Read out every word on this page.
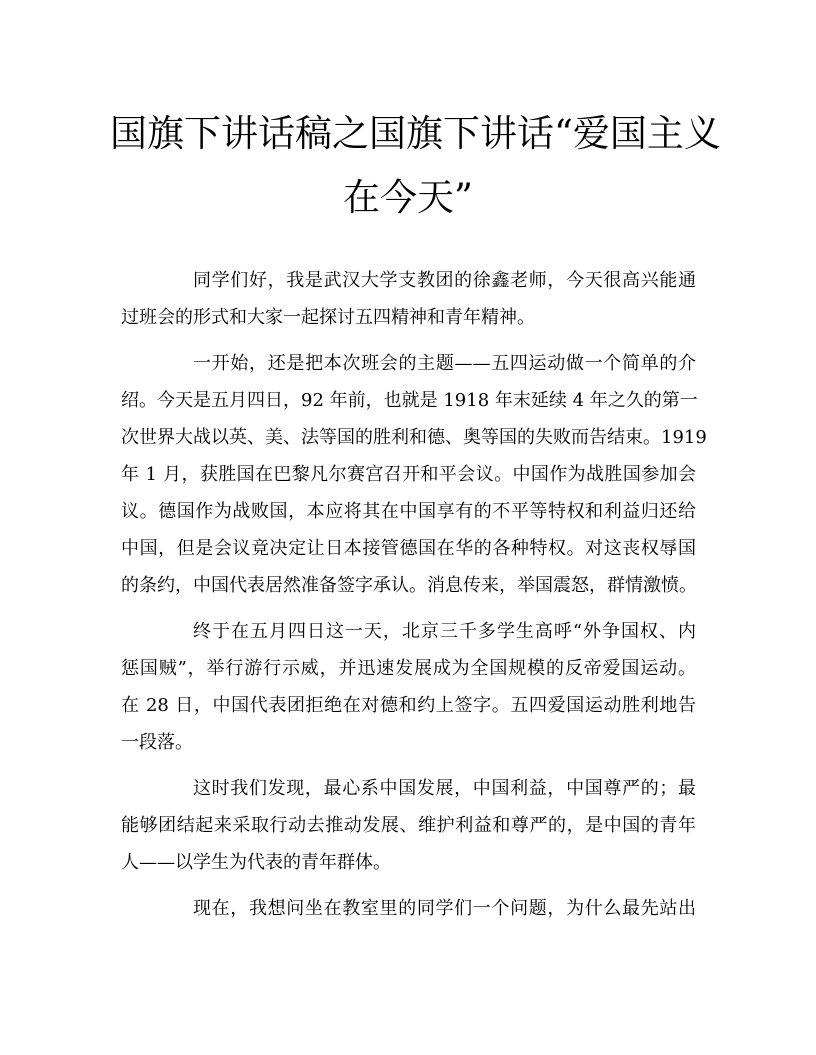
国旗下讲话稿之国旗下讲话“爱国主义
在今天”

同学们好，我是武汉大学支教团的徐鑫老师，今天很高兴能通
过班会的形式和大家一起探讨五四精神和青年精神。

一开始，还是把本次班会的主题——五四运动做一个简单的介
绍。今天是五月四日，92 年前，也就是 1918 年末延续 4 年之久的第一
次世界大战以英、美、法等国的胜利和德、奥等国的失败而告结束。1919
年 1 月，获胜国在巴黎凡尔赛宫召开和平会议。中国作为战胜国参加会
议。德国作为战败国，本应将其在中国享有的不平等特权和利益归还给
中国，但是会议竟决定让日本接管德国在华的各种特权。对这丧权辱国
的条约，中国代表居然准备签字承认。消息传来，举国震怒，群情激愤。

终于在五月四日这一天，北京三千多学生高呼“外争国权、内
惩国贼”，举行游行示威，并迅速发展成为全国规模的反帝爱国运动。
在 28 日，中国代表团拒绝在对德和约上签字。五四爱国运动胜利地告
一段落。

这时我们发现，最心系中国发展，中国利益，中国尊严的；最
能够团结起来采取行动去推动发展、维护利益和尊严的，是中国的青年
人——以学生为代表的青年群体。

现在，我想问坐在教室里的同学们一个问题，为什么最先站出
